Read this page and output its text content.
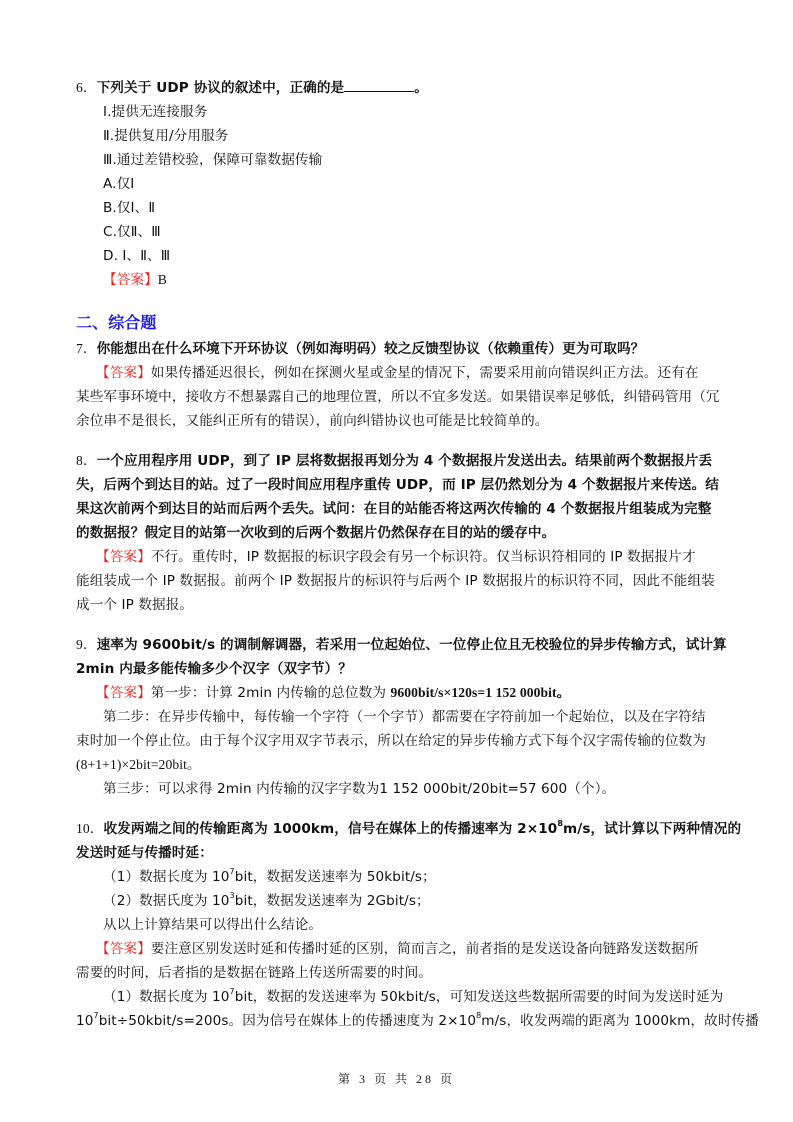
6．下列关于 UDP 协议的叙述中，正确的是	。
Ⅰ.提供无连接服务
Ⅱ.提供复用/分用服务
Ⅲ.通过差错校验，保障可靠数据传输
A.仅Ⅰ
B.仅Ⅰ、Ⅱ
C.仅Ⅱ、Ⅲ
D. Ⅰ、Ⅱ、Ⅲ
【答案】B
二、综合题
7．你能想出在什么环境下开环协议（例如海明码）较之反馈型协议（依赖重传）更为可取吗？
【答案】如果传播延迟很长，例如在探测火星或金星的情况下，需要采用前向错误纠正方法。还有在
某些军事环境中，接收方不想暴露自己的地理位置，所以不宜多发送。如果错误率足够低，纠错码管用（冗
余位串不是很长，又能纠正所有的错误），前向纠错协议也可能是比较简单的。
8．一个应用程序用 UDP，到了 IP 层将数据报再划分为 4 个数据报片发送出去。结果前两个数据报片丢
失，后两个到达目的站。过了一段时间应用程序重传 UDP，而 IP 层仍然划分为 4 个数据报片来传送。结
果这次前两个到达目的站而后两个丢失。试问：在目的站能否将这两次传输的 4 个数据报片组装成为完整
的数据报？假定目的站第一次收到的后两个数据片仍然保存在目的站的缓存中。
【答案】不行。重传时，IP 数据报的标识字段会有另一个标识符。仅当标识符相同的 IP 数据报片才
能组装成一个 IP 数据报。前两个 IP 数据报片的标识符与后两个 IP 数据报片的标识符不同，因此不能组装
成一个 IP 数据报。
9．速率为 9600bit/s 的调制解调器，若采用一位起始位、一位停止位且无校验位的异步传输方式，试计算
2min 内最多能传输多少个汉字（双字节）？
【答案】第一步：计算 2min 内传输的总位数为 9600bit/s×120s=1 152 000bit。
第二步：在异步传输中，每传输一个字符（一个字节）都需要在字符前加一个起始位，以及在字符结
束时加一个停止位。由于每个汉字用双字节表示，所以在给定的异步传输方式下每个汉字需传输的位数为
(8+1+1)×2bit=20bit。
第三步：可以求得 2min 内传输的汉字字数为1 152 000bit/20bit=57 600（个）。
10．收发两端之间的传输距离为 1000km，信号在媒体上的传播速率为 $2\times 10^8m/s$，试计算以下两种情况的
发送时延与传播时延：
（1）数据长度为 $10^7bit$，数据发送速率为 50kbit/s；
（2）数据氏度为 $10^3bit$，数据发送速率为 2Gbit/s；
从以上计算结果可以得出什么结论。
【答案】要注意区别发送时延和传播时延的区别，简而言之，前者指的是发送设备向链路发送数据所
需要的时间，后者指的是数据在链路上传送所需要的时间。
（1）数据长度为 $10^7bit$，数据的发送速率为 50kbit/s，可知发送这些数据所需要的时间为发送时延为
$10^7bit\div 50kbit/s=200s$。因为信号在媒体上的传播速度为 $2\times 10^8m/s$，收发两端的距离为 1000km，故时传播
第 3 页 共 28 页
